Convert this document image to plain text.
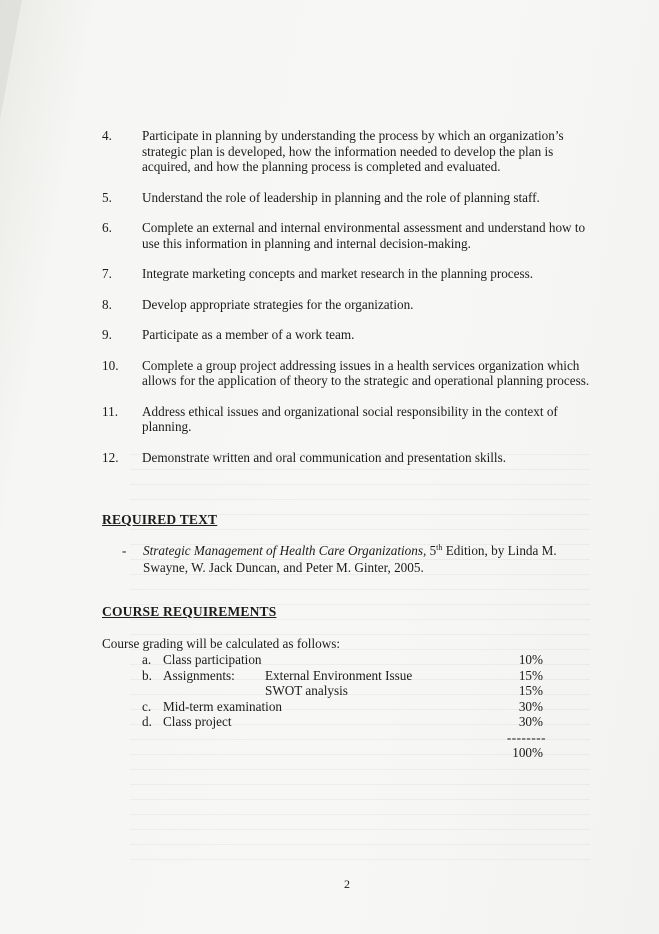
4.	Participate in planning by understanding the process by which an organization’s strategic plan is developed, how the information needed to develop the plan is acquired, and how the planning process is completed and evaluated.
5.	Understand the role of leadership in planning and the role of planning staff.
6.	Complete an external and internal environmental assessment and understand how to use this information in planning and internal decision-making.
7.	Integrate marketing concepts and market research in the planning process.
8.	Develop appropriate strategies for the organization.
9.	Participate as a member of a work team.
10.	Complete a group project addressing issues in a health services organization which allows for the application of theory to the strategic and operational planning process.
11.	Address ethical issues and organizational social responsibility in the context of planning.
12.	Demonstrate written and oral communication and presentation skills.
REQUIRED TEXT
-	Strategic Management of Health Care Organizations, 5th Edition, by Linda M. Swayne, W. Jack Duncan, and Peter M. Ginter, 2005.
COURSE REQUIREMENTS
Course grading will be calculated as follows:
a. Class participation	10%
b. Assignments: External Environment Issue	15%
SWOT analysis	15%
c. Mid-term examination	30%
d. Class project	30%
--------
100%
2
